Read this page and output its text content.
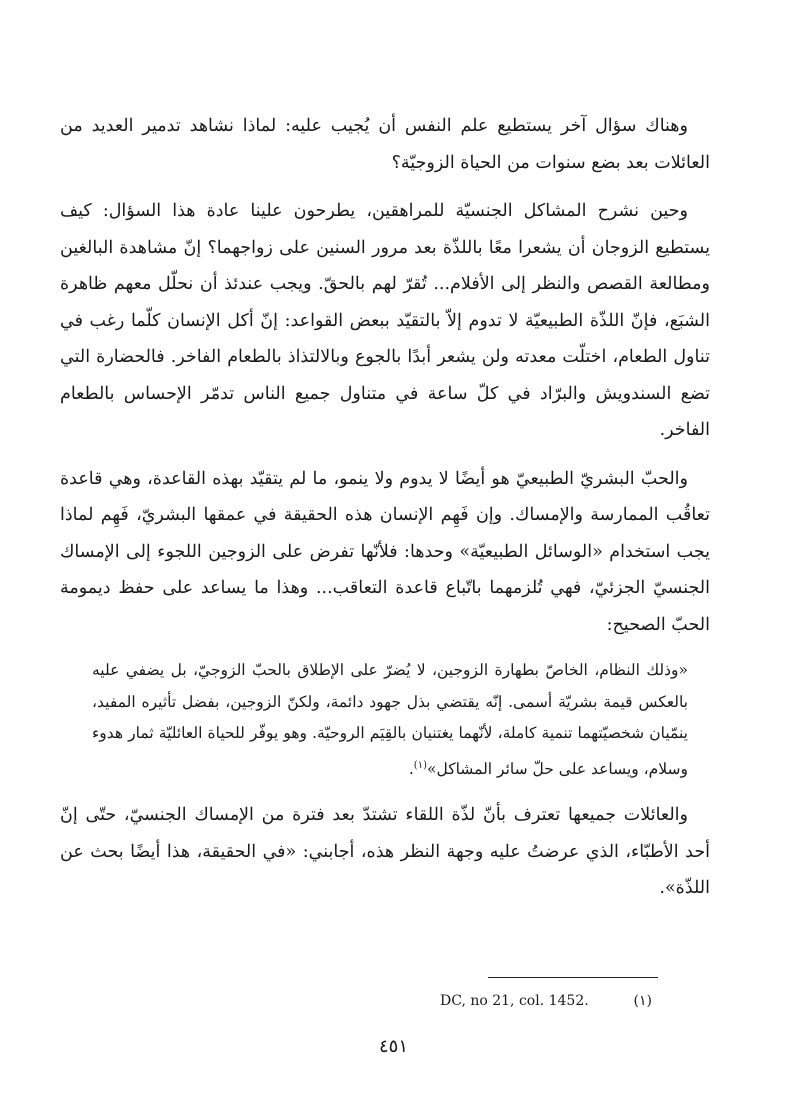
وهناك سؤال آخر يستطيع علم النفس أن يُجيب عليه: لماذا نشاهد تدمير العديد من العائلات بعد بضع سنوات من الحياة الزوجيّة؟

وحين نشرح المشاكل الجنسيّة للمراهقين، يطرحون علينا عادة هذا السؤال: كيف يستطيع الزوجان أن يشعرا معًا باللذّة بعد مرور السنين على زواجهما؟ إنّ مشاهدة البالغين ومطالعة القصص والنظر إلى الأفلام... تُقرّ لهم بالحقّ. ويجب عندئذ أن نحلّل معهم ظاهرة الشبَع، فإنّ اللذّة الطبيعيّة لا تدوم إلاّ بالتقيّد ببعض القواعد: إنّ أكل الإنسان كلّما رغب في تناول الطعام، اختلّت معدته ولن يشعر أبدًا بالجوع وبالالتذاذ بالطعام الفاخر. فالحضارة التي تضع السندويش والبرّاد في كلّ ساعة في متناول جميع الناس تدمّر الإحساس بالطعام الفاخر.

والحبّ البشريّ الطبيعيّ هو أيضًا لا يدوم ولا ينمو، ما لم يتقيّد بهذه القاعدة، وهي قاعدة تعاقُب الممارسة والإمساك. وإن فَهِم الإنسان هذه الحقيقة في عمقها البشريّ، فَهِم لماذا يجب استخدام «الوسائل الطبيعيّة» وحدها: فلأنّها تفرض على الزوجين اللجوء إلى الإمساك الجنسيّ الجزئيّ، فهي تُلزمهما باتّباع قاعدة التعاقب... وهذا ما يساعد على حفظ ديمومة الحبّ الصحيح:

«وذلك النظام، الخاصّ بطهارة الزوجين، لا يُضرّ على الإطلاق بالحبّ الزوجيّ، بل يضفي عليه بالعكس قيمة بشريّة أسمى. إنّه يقتضي بذل جهود دائمة، ولكنّ الزوجين، بفضل تأثيره المفيد، ينمّيان شخصيّتهما تنمية كاملة، لأنّهما يغتنيان بالقِيَم الروحيّة. وهو يوفّر للحياة العائليّة ثمار هدوء وسلام، ويساعد على حلّ سائر المشاكل»$^{(١)}$.

والعائلات جميعها تعترف بأنّ لذّة اللقاء تشتدّ بعد فترة من الإمساك الجنسيّ، حتّى إنّ أحد الأطبّاء، الذي عرضتُ عليه وجهة النظر هذه، أجابني: «في الحقيقة، هذا أيضًا بحث عن اللذّة».

DC, no 21, col. 1452.	(١)
٤٥١
